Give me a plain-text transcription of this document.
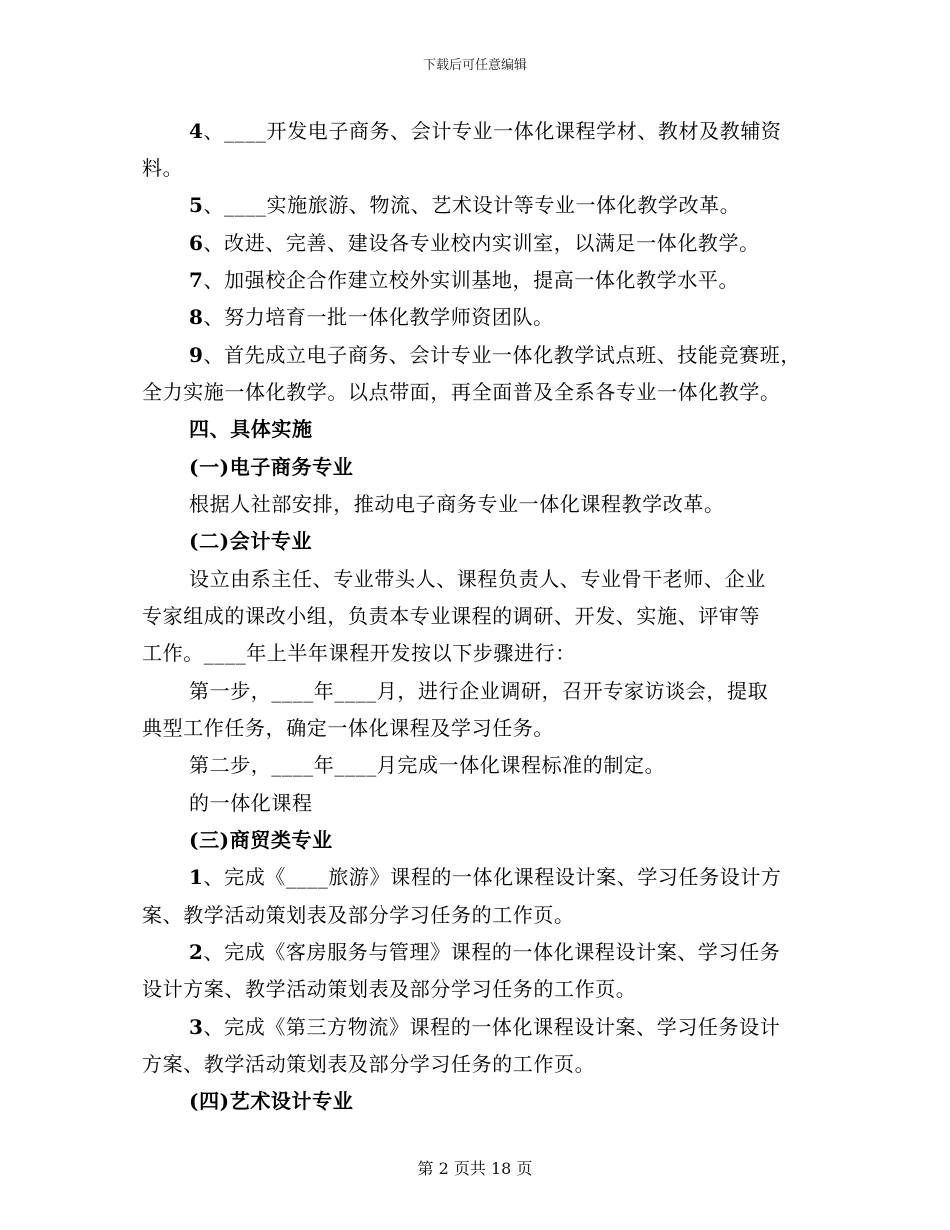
下载后可任意编辑
4、____开发电子商务、会计专业一体化课程学材、教材及教辅资
料。
5、____实施旅游、物流、艺术设计等专业一体化教学改革。
6、改进、完善、建设各专业校内实训室，以满足一体化教学。
7、加强校企合作建立校外实训基地，提高一体化教学水平。
8、努力培育一批一体化教学师资团队。
9、首先成立电子商务、会计专业一体化教学试点班、技能竞赛班，
全力实施一体化教学。以点带面，再全面普及全系各专业一体化教学。
四、具体实施
(一)电子商务专业
根据人社部安排，推动电子商务专业一体化课程教学改革。
(二)会计专业
设立由系主任、专业带头人、课程负责人、专业骨干老师、企业
专家组成的课改小组，负责本专业课程的调研、开发、实施、评审等
工作。____年上半年课程开发按以下步骤进行：
第一步，____年____月，进行企业调研，召开专家访谈会，提取
典型工作任务，确定一体化课程及学习任务。
第二步，____年____月完成一体化课程标准的制定。
的一体化课程
(三)商贸类专业
1、完成《____旅游》课程的一体化课程设计案、学习任务设计方
案、教学活动策划表及部分学习任务的工作页。
2、完成《客房服务与管理》课程的一体化课程设计案、学习任务
设计方案、教学活动策划表及部分学习任务的工作页。
3、完成《第三方物流》课程的一体化课程设计案、学习任务设计
方案、教学活动策划表及部分学习任务的工作页。
(四)艺术设计专业
第 2 页共 18 页
